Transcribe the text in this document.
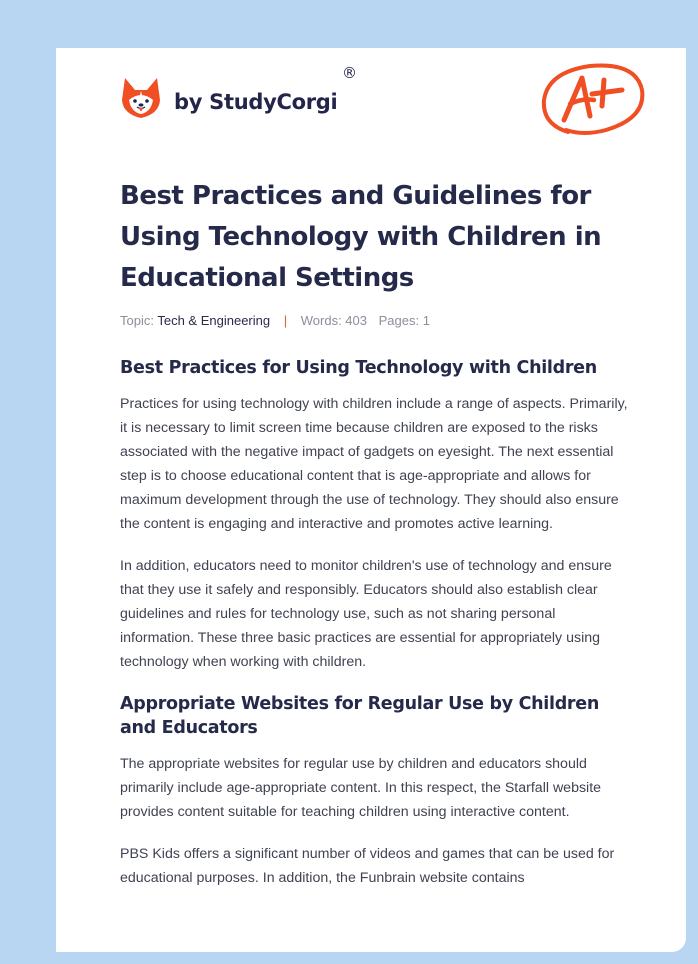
by StudyCorgi
®
Best Practices and Guidelines for Using Technology with Children in Educational Settings
Topic: Tech & Engineering | Words: 403 Pages: 1
Best Practices for Using Technology with Children

Practices for using technology with children include a range of aspects. Primarily, it is necessary to limit screen time because children are exposed to the risks associated with the negative impact of gadgets on eyesight. The next essential step is to choose educational content that is age-appropriate and allows for maximum development through the use of technology. They should also ensure the content is engaging and interactive and promotes active learning.

In addition, educators need to monitor children's use of technology and ensure that they use it safely and responsibly. Educators should also establish clear guidelines and rules for technology use, such as not sharing personal information. These three basic practices are essential for appropriately using technology when working with children.

Appropriate Websites for Regular Use by Children and Educators

The appropriate websites for regular use by children and educators should primarily include age-appropriate content. In this respect, the Starfall website provides content suitable for teaching children using interactive content.

PBS Kids offers a significant number of videos and games that can be used for educational purposes. In addition, the Funbrain website contains
